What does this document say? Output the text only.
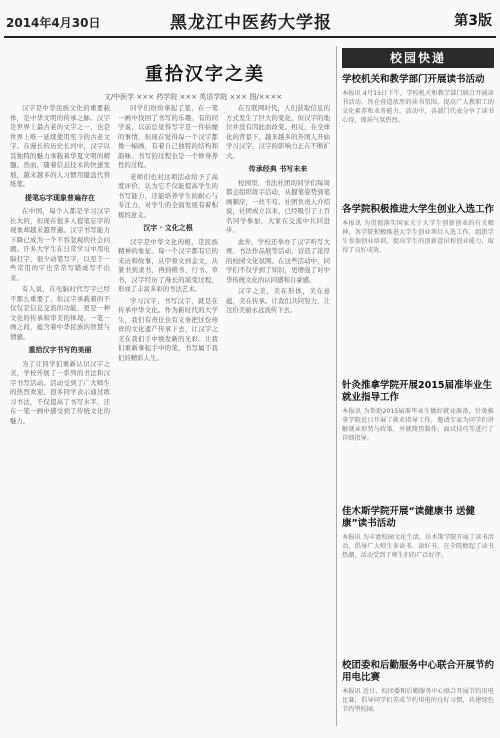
2014年4月30日	黑龙江中医药大学报	第3版
重拾汉字之美
文/中医学 ××× 药学院 ××× 英语学院 ××× 图/××××
汉字是中华民族文化的重要载体，是中华文明的传承之脉。汉字是世界上最古老的文字之一，也是世界上唯一延续使用至今的古老文字。在漫长的历史长河中，汉字以其独特的魅力承载着华夏文明的精髓。然而，随着信息技术的快速发展，越来越多的人习惯用键盘代替纸笔。
提笔忘字现象普遍存在
在中国，每个人都是学习汉字长大的，但现在很多人提笔忘字的现象却越来越普遍。汉字书写能力下降已成为一个不容忽视的社会问题。许多大学生在日常学习中用电脑打字，很少动笔写字，以至于一些常用的字也常常写错或写不出来。
有人说，在电脑时代写字已经不那么重要了，但汉字承载着的不仅仅是信息交流的功能，更是一种文化的传承和审美的体现。一笔一画之间，蕴含着中华民族的智慧与情感。
重拾汉字书写的美丽
为了让同学们重新认识汉字之美，学校开展了一系列的书法和汉字书写活动。活动受到了广大师生的热烈欢迎，很多同学表示通过练习书法，不仅提高了书写水平，还在一笔一画中感受到了传统文化的魅力。
同学们纷纷拿起了笔，在一笔一画中找回了书写的乐趣。有的同学说，以前总觉得写字是一件枯燥的事情，但现在觉得每一个汉字都像一幅画，有着自己独特的结构和韵味。书写的过程也是一个修身养性的过程。
老师们也对这项活动给予了高度评价，认为它不仅能提高学生的书写能力，还能培养学生的耐心与专注力，对学生的全面发展有着积极的意义。
汉字 · 文化之根
汉字是中华文化的根，是民族精神的象征。每一个汉字都有它的来历和故事，从甲骨文到金文，从篆书到隶书，再到楷书、行书、草书，汉字经历了漫长的演变过程，形成了丰富多彩的书法艺术。
学习汉字、书写汉字，就是在传承中华文化。作为新时代的大学生，我们有责任也有义务把这份珍贵的文化遗产传承下去，让汉字之美在我们手中焕发新的光彩。让我们重新拿起手中的笔，书写属于我们的精彩人生。
在互联网时代，人们获取信息的方式发生了巨大的变化，但汉字的地位并没有因此而改变。相反，在全球化的背景下，越来越多的外国人开始学习汉字，汉字的影响力正在不断扩大。
传承经典 书写未来
校园里，书法社团的同学们每周都会组织练字活动，从握笔姿势到笔画顺序，一丝不苟。社团负责人介绍说，社团成立以来，已经吸引了上百名同学参加，大家在交流中共同进步。
此外，学校还举办了汉字听写大赛、书法作品展等活动，营造了浓厚的校园文化氛围。在这些活动中，同学们不仅学到了知识，更增强了对中华传统文化的认同感和自豪感。
汉字之美，美在形体，美在意蕴，美在传承。让我们共同努力，让这份美丽永远流传下去。
校园快递
学校机关和教学部门开展读书活动
本报讯 4月15日下午，学校机关和教学部门联合开展读书活动，旨在营造浓厚的读书氛围，提高广大教职工的文化素养和业务能力。活动中，各部门代表分享了读书心得，现场气氛热烈。
各学院积极推进大学生创业入选工作
本报讯 为贯彻落实国家关于大学生创新创业的有关精神，各学院积极推进大学生创业项目入选工作，组织学生参加创业培训，提高学生的创新意识和创业能力，取得了良好成效。
针灸推拿学院开展2015届准毕业生就业指导工作
本报讯 为帮助2015届准毕业生做好就业准备，针灸推拿学院近日开展了就业指导工作，邀请专家为同学们讲解就业形势与政策，并就简历制作、面试技巧等进行了详细指导。
佳木斯学院开展“读健康书 送健康”读书活动
本报讯 为丰富校园文化生活，佳木斯学院开展了读书活动，倡导广大师生多读书、读好书，在全院掀起了读书热潮，活动受到了师生们的广泛好评。
校团委和后勤服务中心联合开展节约用电比赛
本报讯 近日，校团委和后勤服务中心联合开展节约用电比赛，倡导同学们养成节约用电的良好习惯，共建绿色节约型校园。
